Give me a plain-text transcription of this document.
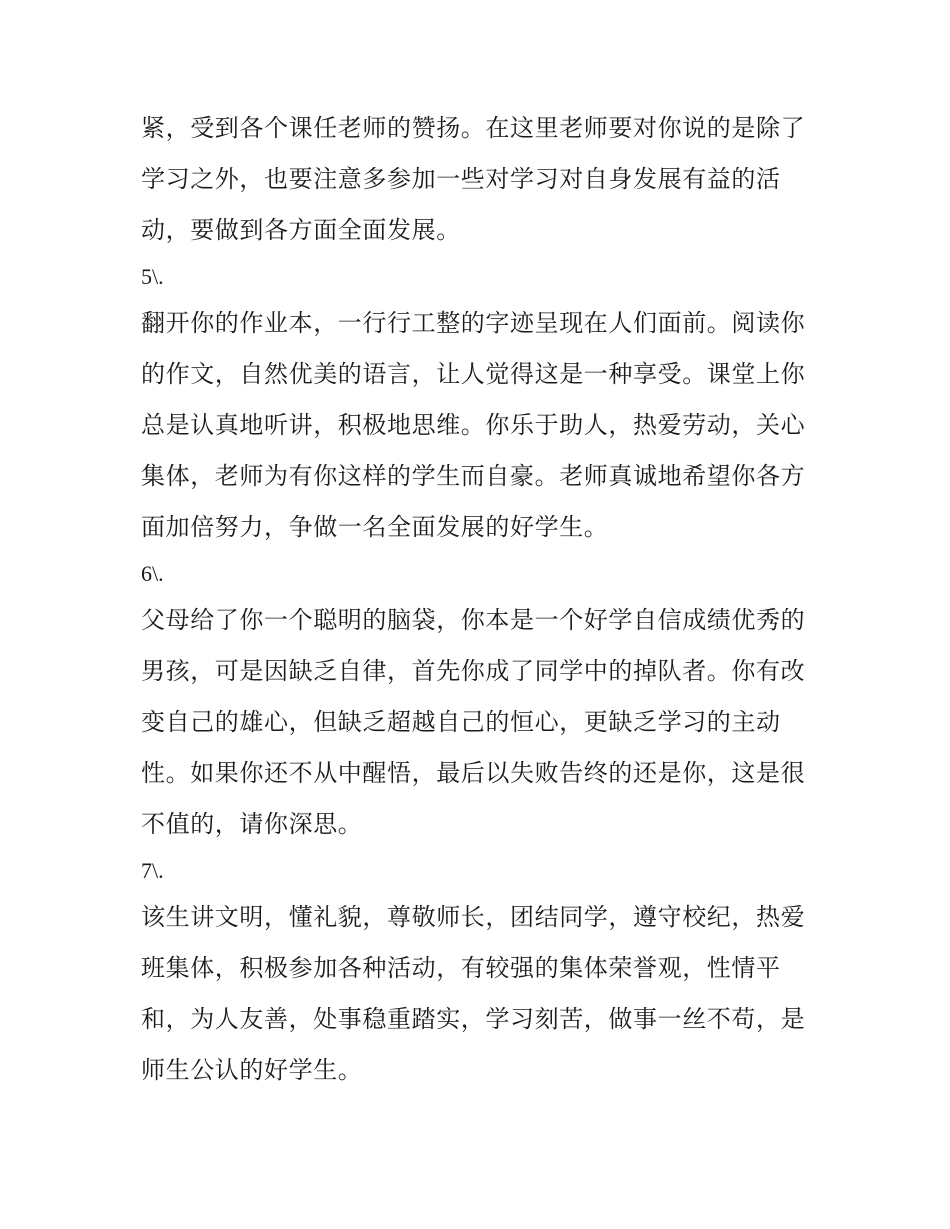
紧，受到各个课任老师的赞扬。在这里老师要对你说的是除了
学习之外，也要注意多参加一些对学习对自身发展有益的活
动，要做到各方面全面发展。
5\.
翻开你的作业本，一行行工整的字迹呈现在人们面前。阅读你
的作文，自然优美的语言，让人觉得这是一种享受。课堂上你
总是认真地听讲，积极地思维。你乐于助人，热爱劳动，关心
集体，老师为有你这样的学生而自豪。老师真诚地希望你各方
面加倍努力，争做一名全面发展的好学生。
6\.
父母给了你一个聪明的脑袋，你本是一个好学自信成绩优秀的
男孩，可是因缺乏自律，首先你成了同学中的掉队者。你有改
变自己的雄心，但缺乏超越自己的恒心，更缺乏学习的主动
性。如果你还不从中醒悟，最后以失败告终的还是你，这是很
不值的，请你深思。
7\.
该生讲文明，懂礼貌，尊敬师长，团结同学，遵守校纪，热爱
班集体，积极参加各种活动，有较强的集体荣誉观，性情平
和，为人友善，处事稳重踏实，学习刻苦，做事一丝不苟，是
师生公认的好学生。
